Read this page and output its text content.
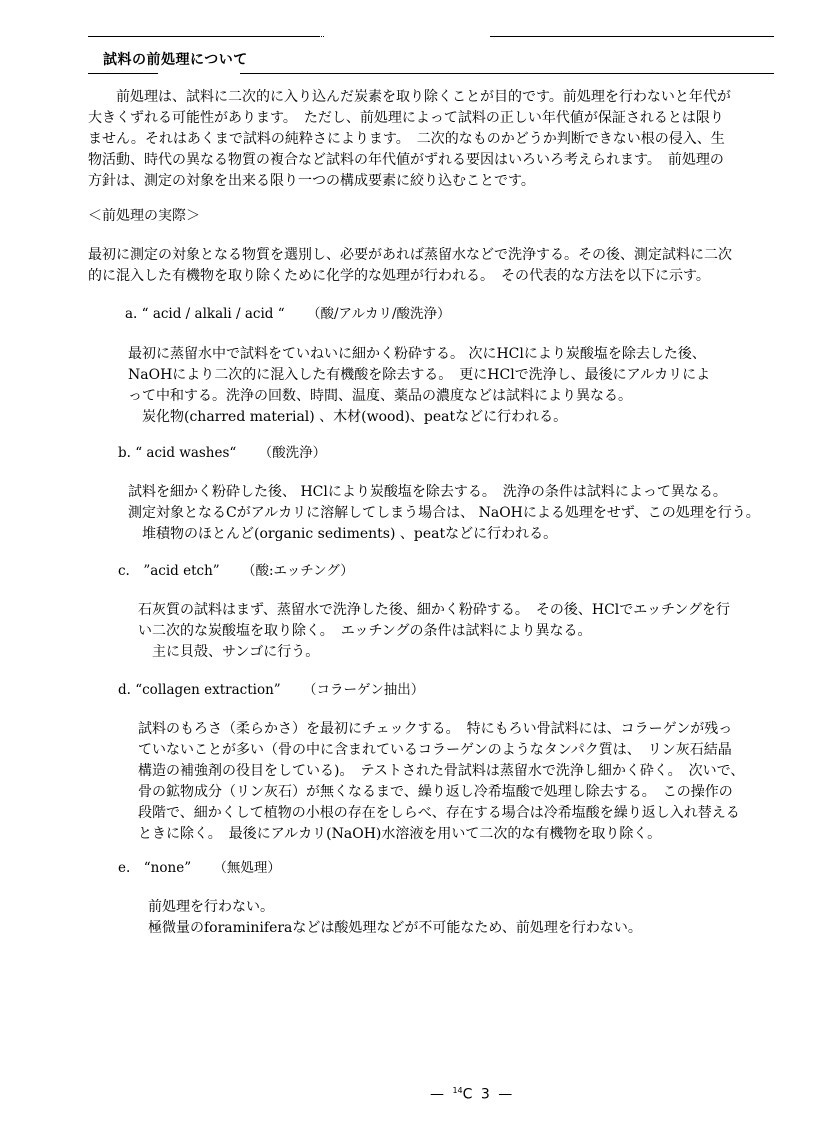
試料の前処理について
前処理は、試料に二次的に入り込んだ炭素を取り除くことが目的です。前処理を行わないと年代が
大きくずれる可能性があります。　ただし、前処理によって試料の正しい年代値が保証されるとは限り
ません。それはあくまで試料の純粋さによります。　二次的なものかどうか判断できない根の侵入、生
物活動、時代の異なる物質の複合など試料の年代値がずれる要因はいろいろ考えられます。　前処理の
方針は、測定の対象を出来る限り一つの構成要素に絞り込むことです。
＜前処理の実際＞
最初に測定の対象となる物質を選別し、必要があれば蒸留水などで洗浄する。その後、測定試料に二次
的に混入した有機物を取り除くために化学的な処理が行われる。　その代表的な方法を以下に示す。
a. “ acid / alkali / acid “ （酸/アルカリ/酸洗浄）
最初に蒸留水中で試料をていねいに細かく粉砕する。 次にHClにより炭酸塩を除去した後、
NaOHにより二次的に混入した有機酸を除去する。　更にHClで洗浄し、最後にアルカリによ
って中和する。洗浄の回数、時間、温度、薬品の濃度などは試料により異なる。
　炭化物(charred material) 、木材(wood)、peatなどに行われる。
b. “ acid washes“ （酸洗浄）
試料を細かく粉砕した後、 HClにより炭酸塩を除去する。　洗浄の条件は試料によって異なる。
測定対象となるCがアルカリに溶解してしまう場合は、 NaOHによる処理をせず、この処理を行う。
　堆積物のほとんど(organic sediments) 、peatなどに行われる。
c.　”acid etch” （酸:エッチング）
石灰質の試料はまず、蒸留水で洗浄した後、細かく粉砕する。　その後、HClでエッチングを行
い二次的な炭酸塩を取り除く。　エッチングの条件は試料により異なる。
　主に貝殻、サンゴに行う。
d. “collagen extraction” （コラーゲン抽出）
試料のもろさ（柔らかさ）を最初にチェックする。　特にもろい骨試料には、コラーゲンが残っ
ていないことが多い（骨の中に含まれているコラーゲンのようなタンパク質は、　リン灰石結晶
構造の補強剤の役目をしている)。　テストされた骨試料は蒸留水で洗浄し細かく砕く。　次いで、
骨の鉱物成分（リン灰石）が無くなるまで、繰り返し冷希塩酸で処理し除去する。　この操作の
段階で、細かくして植物の小根の存在をしらべ、存在する場合は冷希塩酸を繰り返し入れ替える
ときに除く。　最後にアルカリ(NaOH)水溶液を用いて二次的な有機物を取り除く。
e.　“none” （無処理）
前処理を行わない。
極微量のforaminiferaなどは酸処理などが不可能なため、前処理を行わない。
— $^{14}$C 3 —
